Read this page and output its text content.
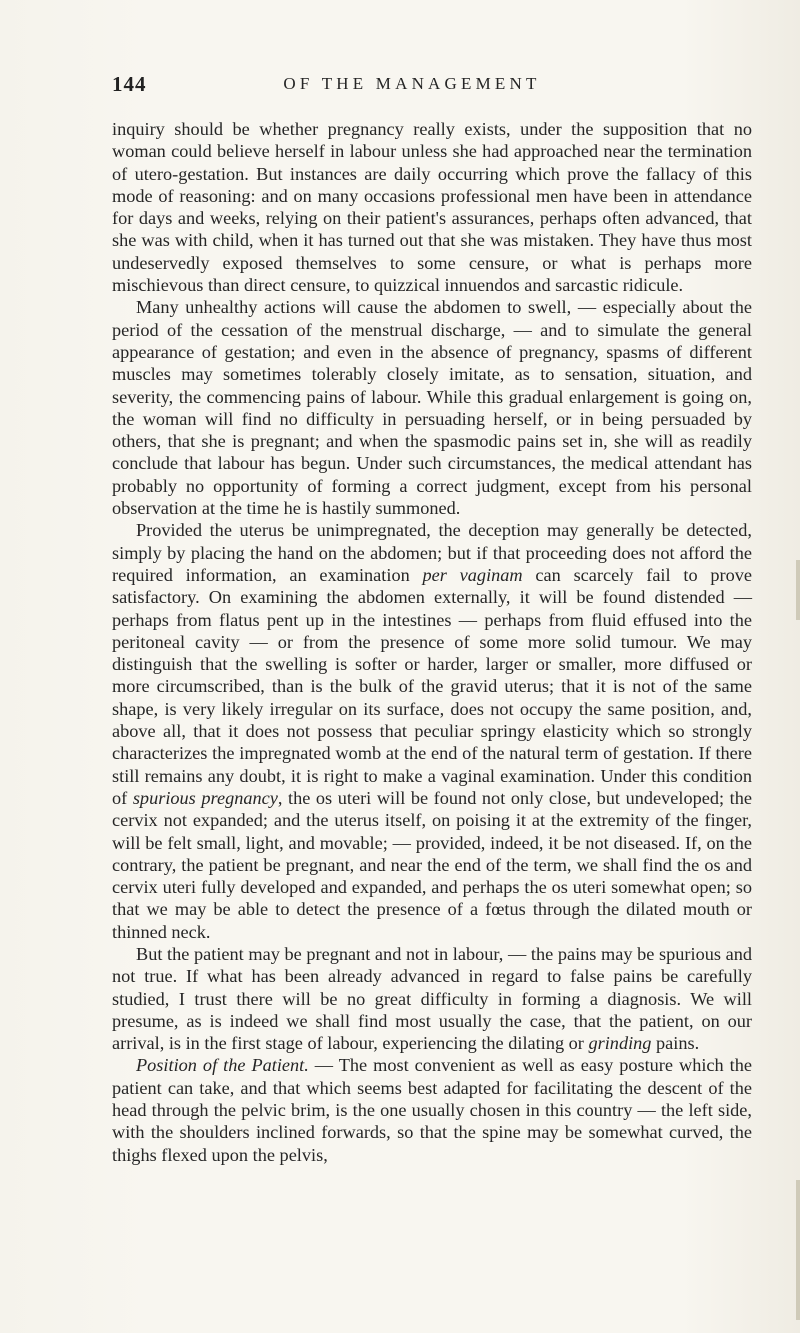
144	OF THE MANAGEMENT

inquiry should be whether pregnancy really exists, under the supposition that no woman could believe herself in labour unless she had approached near the termination of utero-gestation. But instances are daily occurring which prove the fallacy of this mode of reasoning: and on many occasions professional men have been in attendance for days and weeks, relying on their patient's assurances, perhaps often advanced, that she was with child, when it has turned out that she was mistaken. They have thus most undeservedly exposed themselves to some censure, or what is perhaps more mischievous than direct censure, to quizzical innuendos and sarcastic ridicule.

Many unhealthy actions will cause the abdomen to swell, — especially about the period of the cessation of the menstrual discharge, — and to simulate the general appearance of gestation; and even in the absence of pregnancy, spasms of different muscles may sometimes tolerably closely imitate, as to sensation, situation, and severity, the commencing pains of labour. While this gradual enlargement is going on, the woman will find no difficulty in persuading herself, or in being persuaded by others, that she is pregnant; and when the spasmodic pains set in, she will as readily conclude that labour has begun. Under such circumstances, the medical attendant has probably no opportunity of forming a correct judgment, except from his personal observation at the time he is hastily summoned.

Provided the uterus be unimpregnated, the deception may generally be detected, simply by placing the hand on the abdomen; but if that proceeding does not afford the required information, an examination per vaginam can scarcely fail to prove satisfactory. On examining the abdomen externally, it will be found distended — perhaps from flatus pent up in the intestines — perhaps from fluid effused into the peritoneal cavity — or from the presence of some more solid tumour. We may distinguish that the swelling is softer or harder, larger or smaller, more diffused or more circumscribed, than is the bulk of the gravid uterus; that it is not of the same shape, is very likely irregular on its surface, does not occupy the same position, and, above all, that it does not possess that peculiar springy elasticity which so strongly characterizes the impregnated womb at the end of the natural term of gestation. If there still remains any doubt, it is right to make a vaginal examination. Under this condition of spurious pregnancy, the os uteri will be found not only close, but undeveloped; the cervix not expanded; and the uterus itself, on poising it at the extremity of the finger, will be felt small, light, and movable; — provided, indeed, it be not diseased. If, on the contrary, the patient be pregnant, and near the end of the term, we shall find the os and cervix uteri fully developed and expanded, and perhaps the os uteri somewhat open; so that we may be able to detect the presence of a fœtus through the dilated mouth or thinned neck.

But the patient may be pregnant and not in labour, — the pains may be spurious and not true. If what has been already advanced in regard to false pains be carefully studied, I trust there will be no great difficulty in forming a diagnosis. We will presume, as is indeed we shall find most usually the case, that the patient, on our arrival, is in the first stage of labour, experiencing the dilating or grinding pains.

Position of the Patient. — The most convenient as well as easy posture which the patient can take, and that which seems best adapted for facilitating the descent of the head through the pelvic brim, is the one usually chosen in this country — the left side, with the shoulders inclined forwards, so that the spine may be somewhat curved, the thighs flexed upon the pelvis,
